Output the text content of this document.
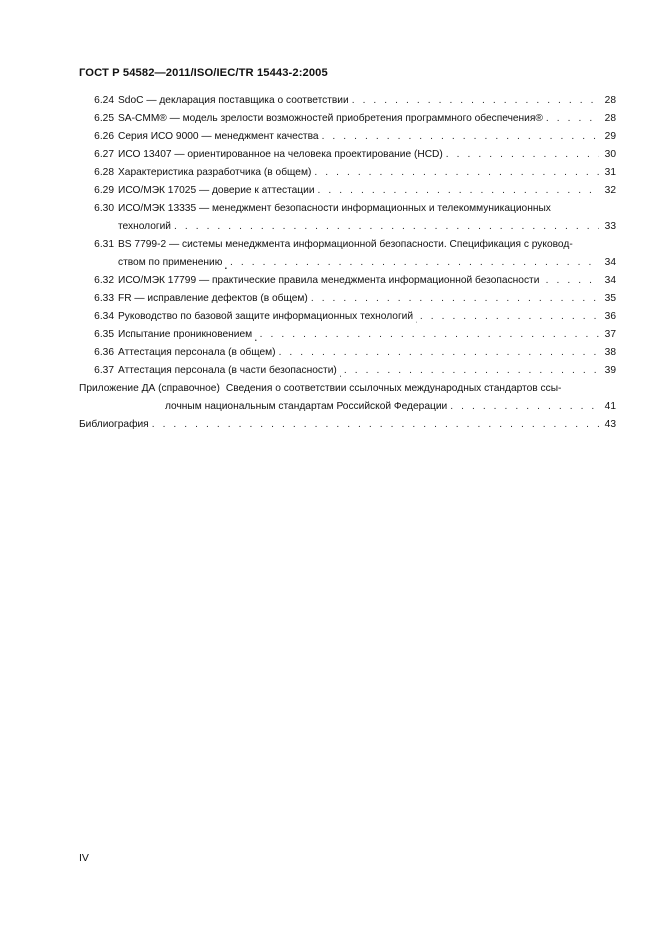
ГОСТ Р 54582—2011/ISO/IEC/TR 15443-2:2005
6.24 SdoC — декларация поставщика о соответствии . . .	28
6.25 SA-CMM® — модель зрелости возможностей приобретения программного обеспечения® . . .	28
6.26 Серия ИСО 9000 — менеджмент качества . . .	29
6.27 ИСО 13407 — ориентированное на человека проектирование (HCD) . . .	30
6.28 Характеристика разработчика (в общем) . . .	31
6.29 ИСО/МЭК 17025 — доверие к аттестации . . .	32
6.30 ИСО/МЭК 13335 — менеджмент безопасности информационных и телекоммуникационных
технологий . . .	33
6.31 BS 7799-2 — системы менеджмента информационной безопасности. Спецификация с руковод-
ством по применению . . .	34
6.32 ИСО/МЭК 17799 — практические правила менеджмента информационной безопасности . . .	34
6.33 FR — исправление дефектов (в общем) . . .	35
6.34 Руководство по базовой защите информационных технологий . . .	36
6.35 Испытание проникновением . . .	37
6.36 Аттестация персонала (в общем) . . .	38
6.37 Аттестация персонала (в части безопасности) . . .	39
Приложение ДА (справочное) Сведения о соответствии ссылочных международных стандартов ссы-
лочным национальным стандартам Российской Федерации . . .	41
Библиография . . .	43
IV
